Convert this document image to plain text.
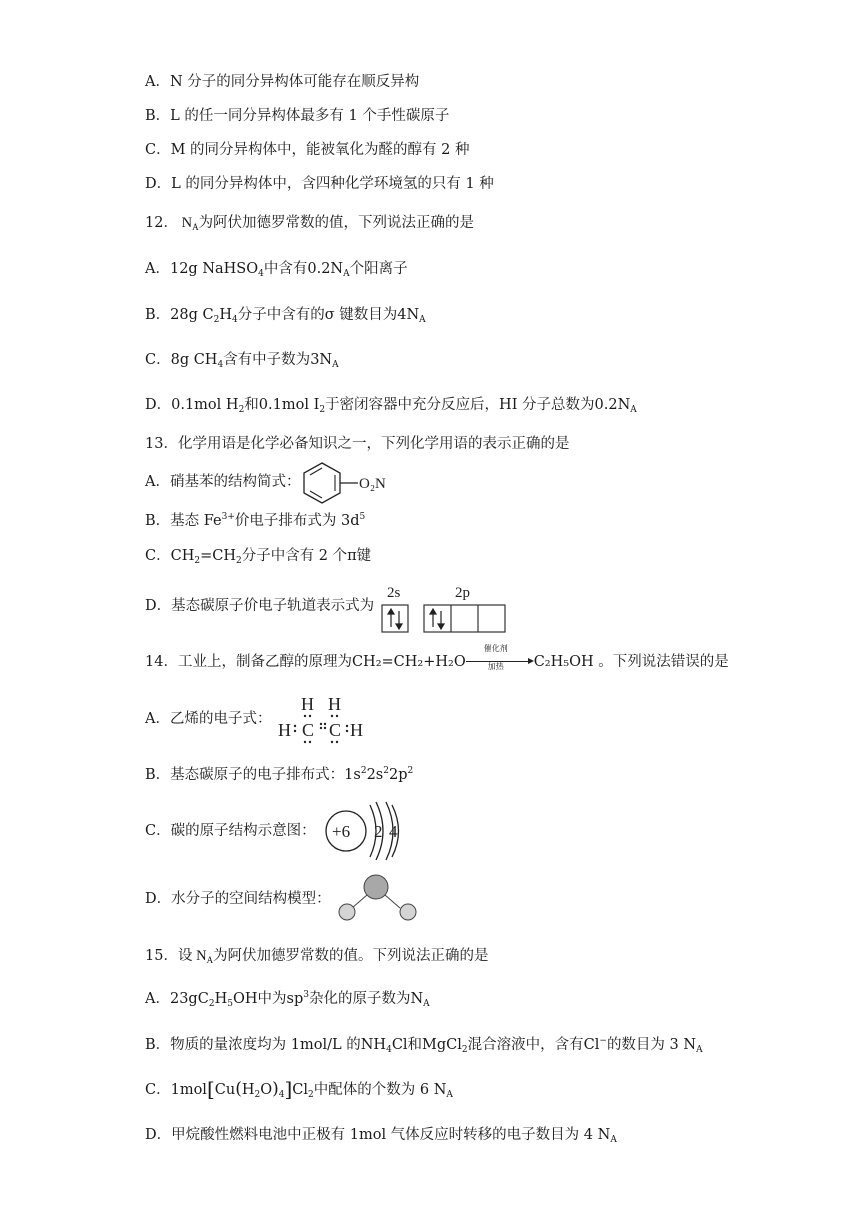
A．N 分子的同分异构体可能存在顺反异构
B．L 的任一同分异构体最多有 1 个手性碳原子
C．M 的同分异构体中，能被氧化为醛的醇有 2 种
D．L 的同分异构体中，含四种化学环境氢的只有 1 种
12． $N_A$为阿伏加德罗常数的值，下列说法正确的是
A．12g NaHSO$_4$中含有$0.2N_A$个阳离子
B．28g $C_2H_4$分子中含有的σ 键数目为$4N_A$
C．8g $CH_4$含有中子数为$3N_A$
D．0.1mol $H_2$和0.1mol $I_2$于密闭容器中充分反应后，HI 分子总数为$0.2N_A$
13．化学用语是化学必备知识之一，下列化学用语的表示正确的是
A．硝基苯的结构简式：	O₂N
B．基态 $Fe^{3+}$价电子排布式为 $3d^5$
C．$CH_2=CH_2$分子中含有 2 个π键
D．基态碳原子价电子轨道表示式为
2s	2p
14．工业上，制备乙醇的原理为CH₂=CH₂+H₂O
催化剂
加热 C₂H₅OH 。下列说法错误的是
A．乙烯的电子式：
H H
H C C H
B．基态碳原子的电子排布式：$1s^22s^22p^2$
C．碳的原子结构示意图： +6 2 4
D．水分子的空间结构模型：
15．设 $N_A$为阿伏加德罗常数的值。下列说法正确的是
A．$23gC_2H_5OH$中为$sp^3$杂化的原子数为$N_A$
B．物质的量浓度均为 1mol/L 的$NH_4Cl$和MgCl$_2$混合溶液中，含有Cl−的数目为 3 $N_A$
C．$1mol[Cu(H_2O)_4]Cl_2$中配体的个数为 6 $N_A$
D．甲烷酸性燃料电池中正极有 1mol 气体反应时转移的电子数目为 4 $N_A$
